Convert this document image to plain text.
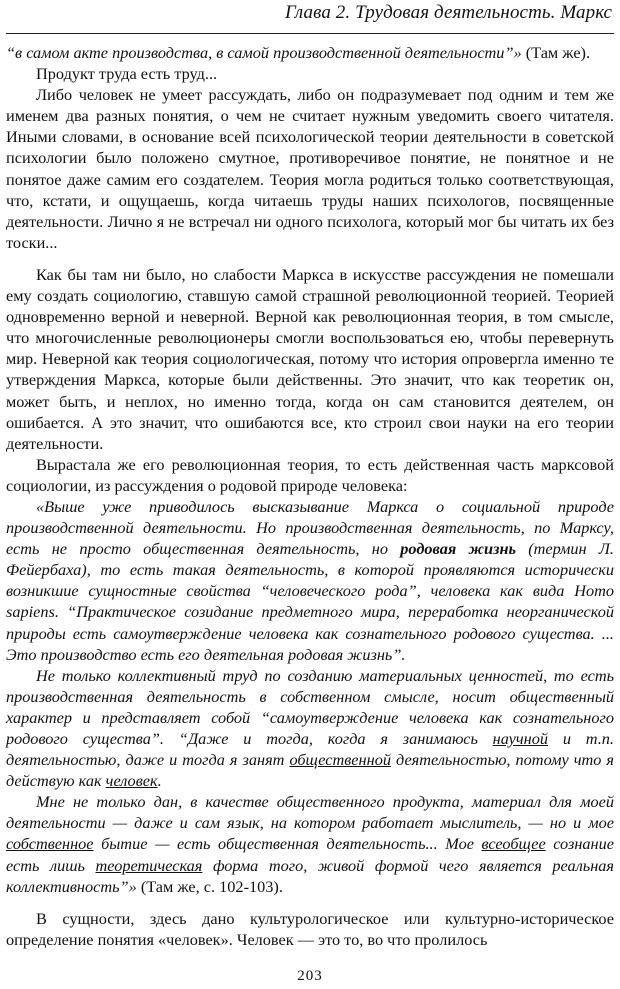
Глава 2. Трудовая деятельность. Маркс

“в самом акте производства, в самой производственной деятельности”» (Там же).

Продукт труда есть труд...

Либо человек не умеет рассуждать, либо он подразумевает под одним и тем же именем два разных понятия, о чем не считает нужным уведомить своего читателя. Иными словами, в основание всей психологической теории деятельности в советской психологии было положено смутное, противоречивое понятие, не понятное и не понятое даже самим его создателем. Теория могла родиться только соответствующая, что, кстати, и ощущаешь, когда читаешь труды наших психологов, посвященные деятельности. Лично я не встречал ни одного психолога, который мог бы читать их без тоски...

Как бы там ни было, но слабости Маркса в искусстве рассуждения не помешали ему создать социологию, ставшую самой страшной революционной теорией. Теорией одновременно верной и неверной. Верной как революционная теория, в том смысле, что многочисленные революционеры смогли воспользоваться ею, чтобы перевернуть мир. Неверной как теория социологическая, потому что история опровергла именно те утверждения Маркса, которые были действенны. Это значит, что как теоретик он, может быть, и неплох, но именно тогда, когда он сам становится деятелем, он ошибается. А это значит, что ошибаются все, кто строил свои науки на его теории деятельности.

Вырастала же его революционная теория, то есть действенная часть марксовой социологии, из рассуждения о родовой природе человека:

«Выше уже приводилось высказывание Маркса о социальной природе производственной деятельности. Но производственная деятельность, по Марксу, есть не просто общественная деятельность, но родовая жизнь (термин Л. Фейербаха), то есть такая деятельность, в которой проявляются исторически возникшие сущностные свойства “человеческого рода”, человека как вида Homo sapiens. “Практическое созидание предметного мира, переработка неорганической природы есть самоутверждение человека как сознательного родового существа. ... Это производство есть его деятельная родовая жизнь”.

Не только коллективный труд по созданию материальных ценностей, то есть производственная деятельность в собственном смысле, носит общественный характер и представляет собой “самоутверждение человека как сознательного родового существа”. “Даже и тогда, когда я занимаюсь научной и т.п. деятельностью, даже и тогда я занят общественной деятельностью, потому что я действую как человек.

Мне не только дан, в качестве общественного продукта, материал для моей деятельности — даже и сам язык, на котором работает мыслитель, — но и мое собственное бытие — есть общественная деятельность... Мое всеобщее сознание есть лишь теоретическая форма того, живой формой чего является реальная коллективность”» (Там же, с. 102-103).

В сущности, здесь дано культурологическое или культурно-историческое определение понятия «человек». Человек — это то, во что пролилось

203
